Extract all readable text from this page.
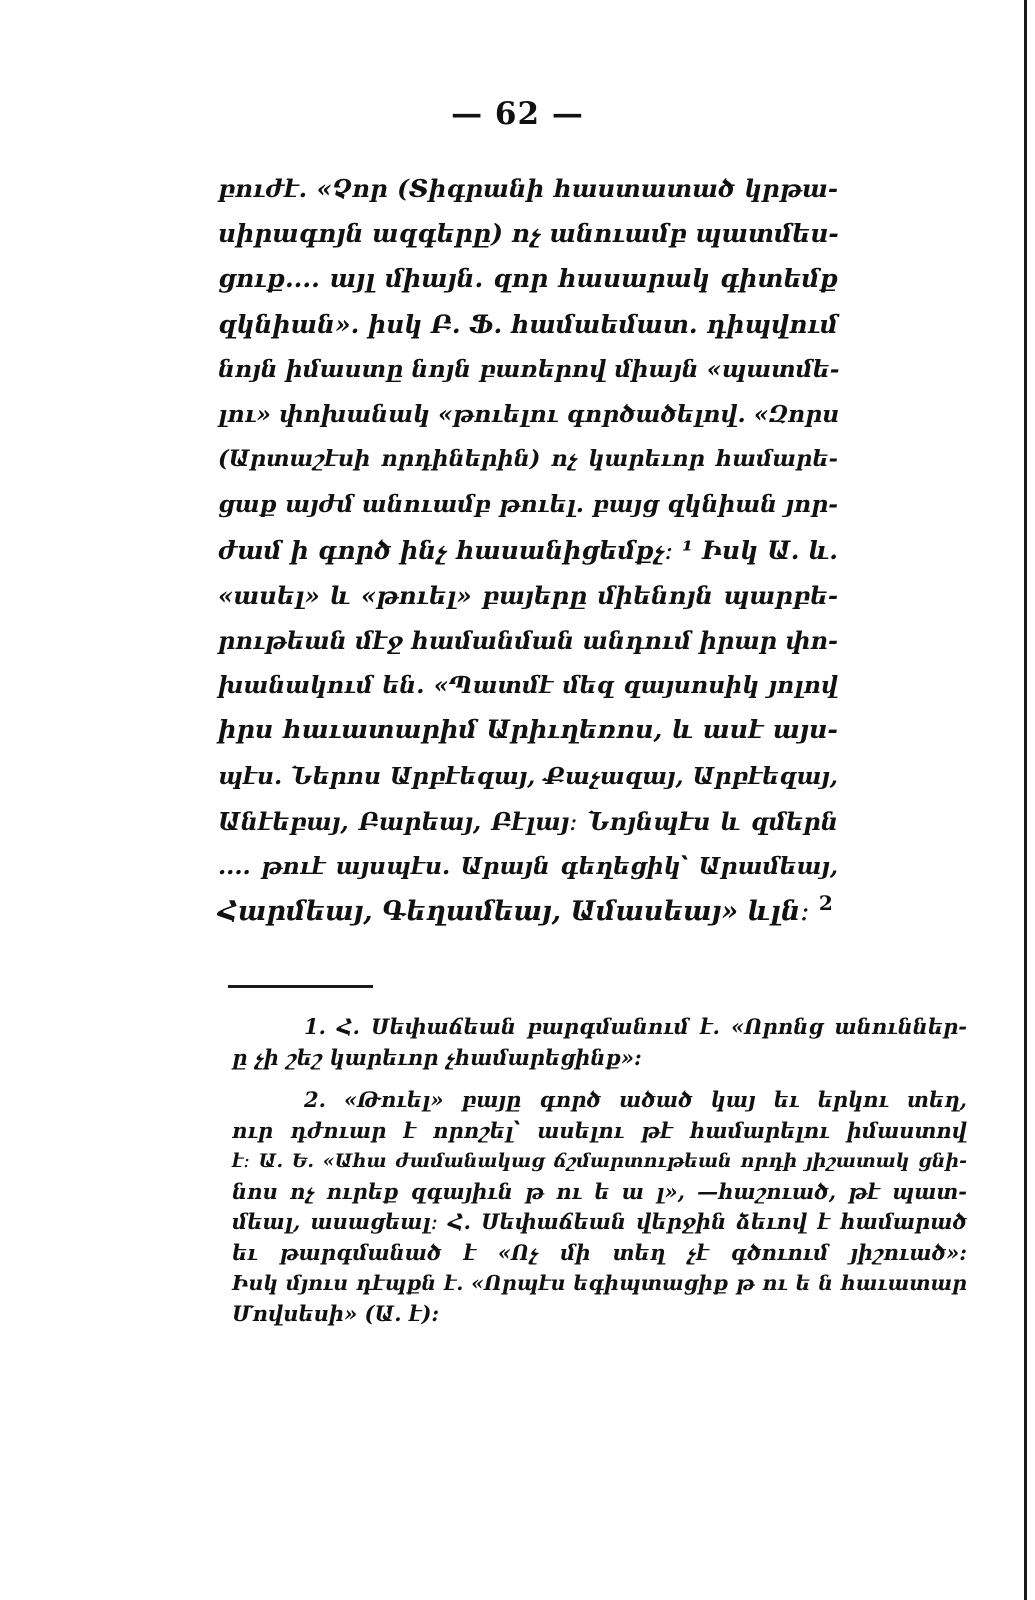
— 62 —
բուժէ․ «Չոր (Տիգրանի հաստատած կրթա-
սիրագոյն ազգերը) ոչ անուամբ պատմես-
ցուք․․․․ այլ միայն․ զոր հասարակ գիտեմք
զկնիան»․ իսկ Բ․ Ֆ․ համաեմատ․ դիպվում
նոյն իմաստը նոյն բառերով միայն «պատմե-
լու» փոխանակ «թուելու գործածելով․ «Զորս
(Արտաշէսի որդիներին) ոչ կարեւոր համարե-
ցաք այժմ անուամբ թուել․ բայց զկնիան յոր-
ժամ ի գործ ինչ հասանիցեմքչ։ ¹ Իսկ Ա․ և․
«ասել» և «թուել» բայերը միենոյն պարբե-
րութեան մէջ համանման անդում իրար փո-
խանակում են․ «Պատմէ մեզ զայսոսիկ յոլով
իրս հաւատարիմ Արիւղեռոս, և ասէ այս-
պէս․ Ներոս Արբէեզայ, Քաչազայ, Արբէեզայ,
Անէեբայ, Բարեայ, Բէլայ։ Նոյնպէս և զմերն
․․․․ թուէ այսպէս․ Արայն գեղեցիկ՝ Արամեայ,
Հարմեայ, Գեղամեայ, Ամասեայ» ևլն։ $^2$
1․ Հ․ Սեփաճեան բարգմանում է․ «Որոնց անուններ-
ը չի շեշ կարեւոր չհամարեցինք»:
2․ «Թուել» բայը գործ ածած կայ եւ երկու տեղ,
ուր դժուար է որոշել՝ ասելու թէ համարելու իմաստով
է։ Ա․ Ե․ «Ահա ժամանակաց ճշմարտութեան որդի յիշատակ ցնի-
նոս ոչ ուրեք զգայիւն թ ու ե ա լ», —հաշուած, թէ պատ-
մեալ, ասացեալ։ Հ․ Սեփաճեան վերջին ձեւով է համարած
եւ թարգմանած է «Ոչ մի տեղ չէ գծուում յիշուած»:
Իսկ մյուս դէպքն է․ «Որպէս եգիպտացիք թ ու ե ն հաւատար
Մովսեսի» (Ա․ է):
